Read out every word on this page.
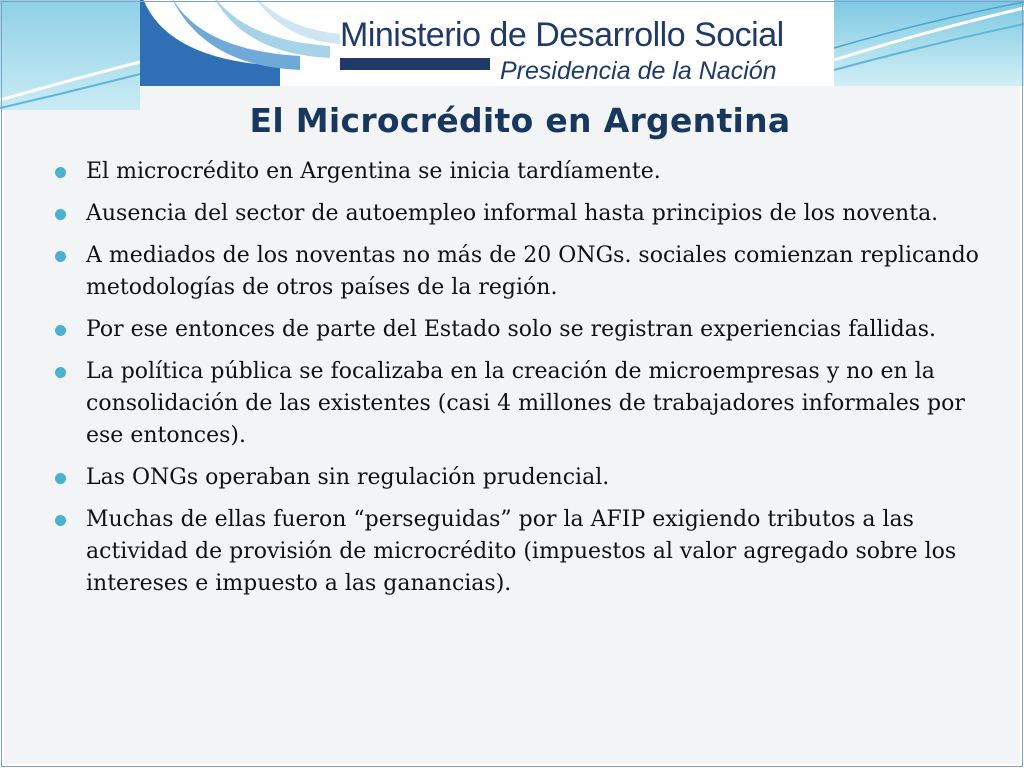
Ministerio de Desarrollo Social
Presidencia de la Nación
El Microcrédito en Argentina
El microcrédito en Argentina se inicia tardíamente.
Ausencia del sector de autoempleo informal hasta principios de los noventa.
A mediados de los noventas no más de 20 ONGs. sociales comienzan replicando metodologías de otros países de la región.
Por ese entonces de parte del Estado solo se registran experiencias fallidas.
La política pública se focalizaba en la creación de microempresas y no en la consolidación de las existentes (casi 4 millones de trabajadores informales por ese entonces).
Las ONGs operaban sin regulación prudencial.
Muchas de ellas fueron “perseguidas” por la AFIP exigiendo tributos a las actividad de provisión de microcrédito (impuestos al valor agregado sobre los intereses e impuesto a las ganancias).
